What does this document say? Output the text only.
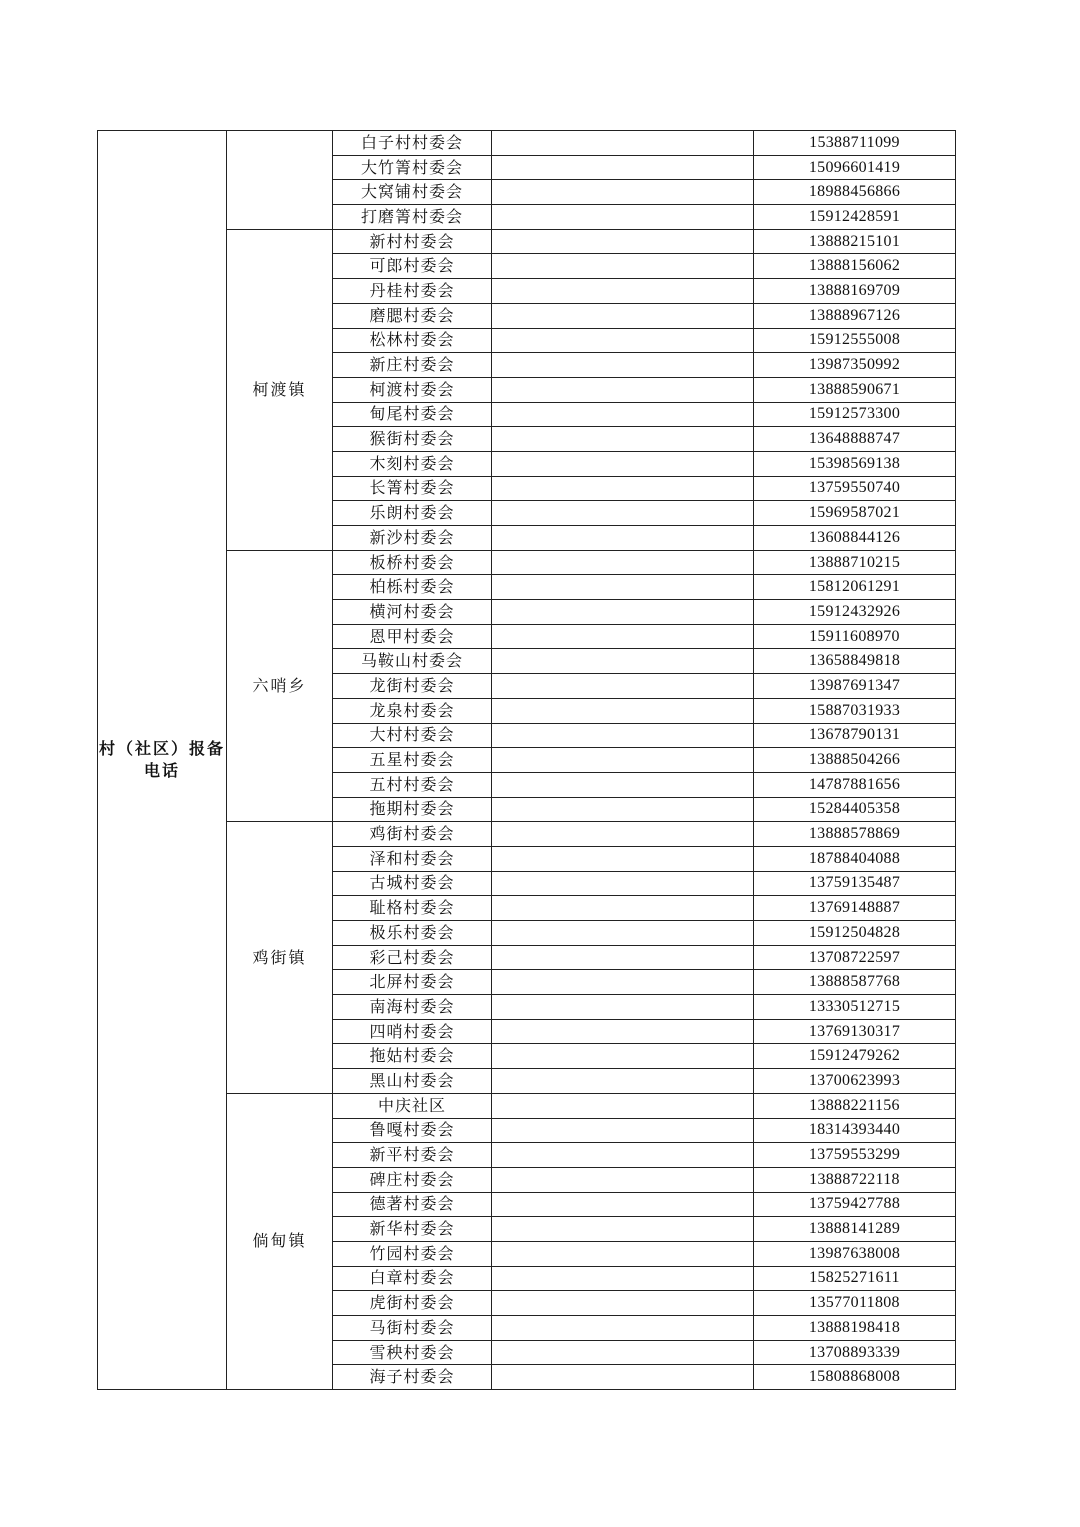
村（社区）报备电话		白子村村委会		15388711099
		大竹箐村委会		15096601419
		大窝铺村委会		18988456866
		打磨箐村委会		15912428591
	柯渡镇	新村村委会		13888215101
		可郎村委会		13888156062
		丹桂村委会		13888169709
		磨腮村委会		13888967126
		松林村委会		15912555008
		新庄村委会		13987350992
		柯渡村委会		13888590671
		甸尾村委会		15912573300
		猴街村委会		13648888747
		木刻村委会		15398569138
		长箐村委会		13759550740
		乐朗村委会		15969587021
		新沙村委会		13608844126
	六哨乡	板桥村委会		13888710215
		柏栎村委会		15812061291
		横河村委会		15912432926
		恩甲村委会		15911608970
		马鞍山村委会		13658849818
		龙街村委会		13987691347
		龙泉村委会		15887031933
		大村村委会		13678790131
		五星村委会		13888504266
		五村村委会		14787881656
		拖期村委会		15284405358
	鸡街镇	鸡街村委会		13888578869
		泽和村委会		18788404088
		古城村委会		13759135487
		耻格村委会		13769148887
		极乐村委会		15912504828
		彩己村委会		13708722597
		北屏村委会		13888587768
		南海村委会		13330512715
		四哨村委会		13769130317
		拖姑村委会		15912479262
		黑山村委会		13700623993
	倘甸镇	中庆社区		13888221156
		鲁嘎村委会		18314393440
		新平村委会		13759553299
		碑庄村委会		13888722118
		德著村委会		13759427788
		新华村委会		13888141289
		竹园村委会		13987638008
		白章村委会		15825271611
		虎街村委会		13577011808
		马街村委会		13888198418
		雪秧村委会		13708893339
		海子村委会		15808868008
